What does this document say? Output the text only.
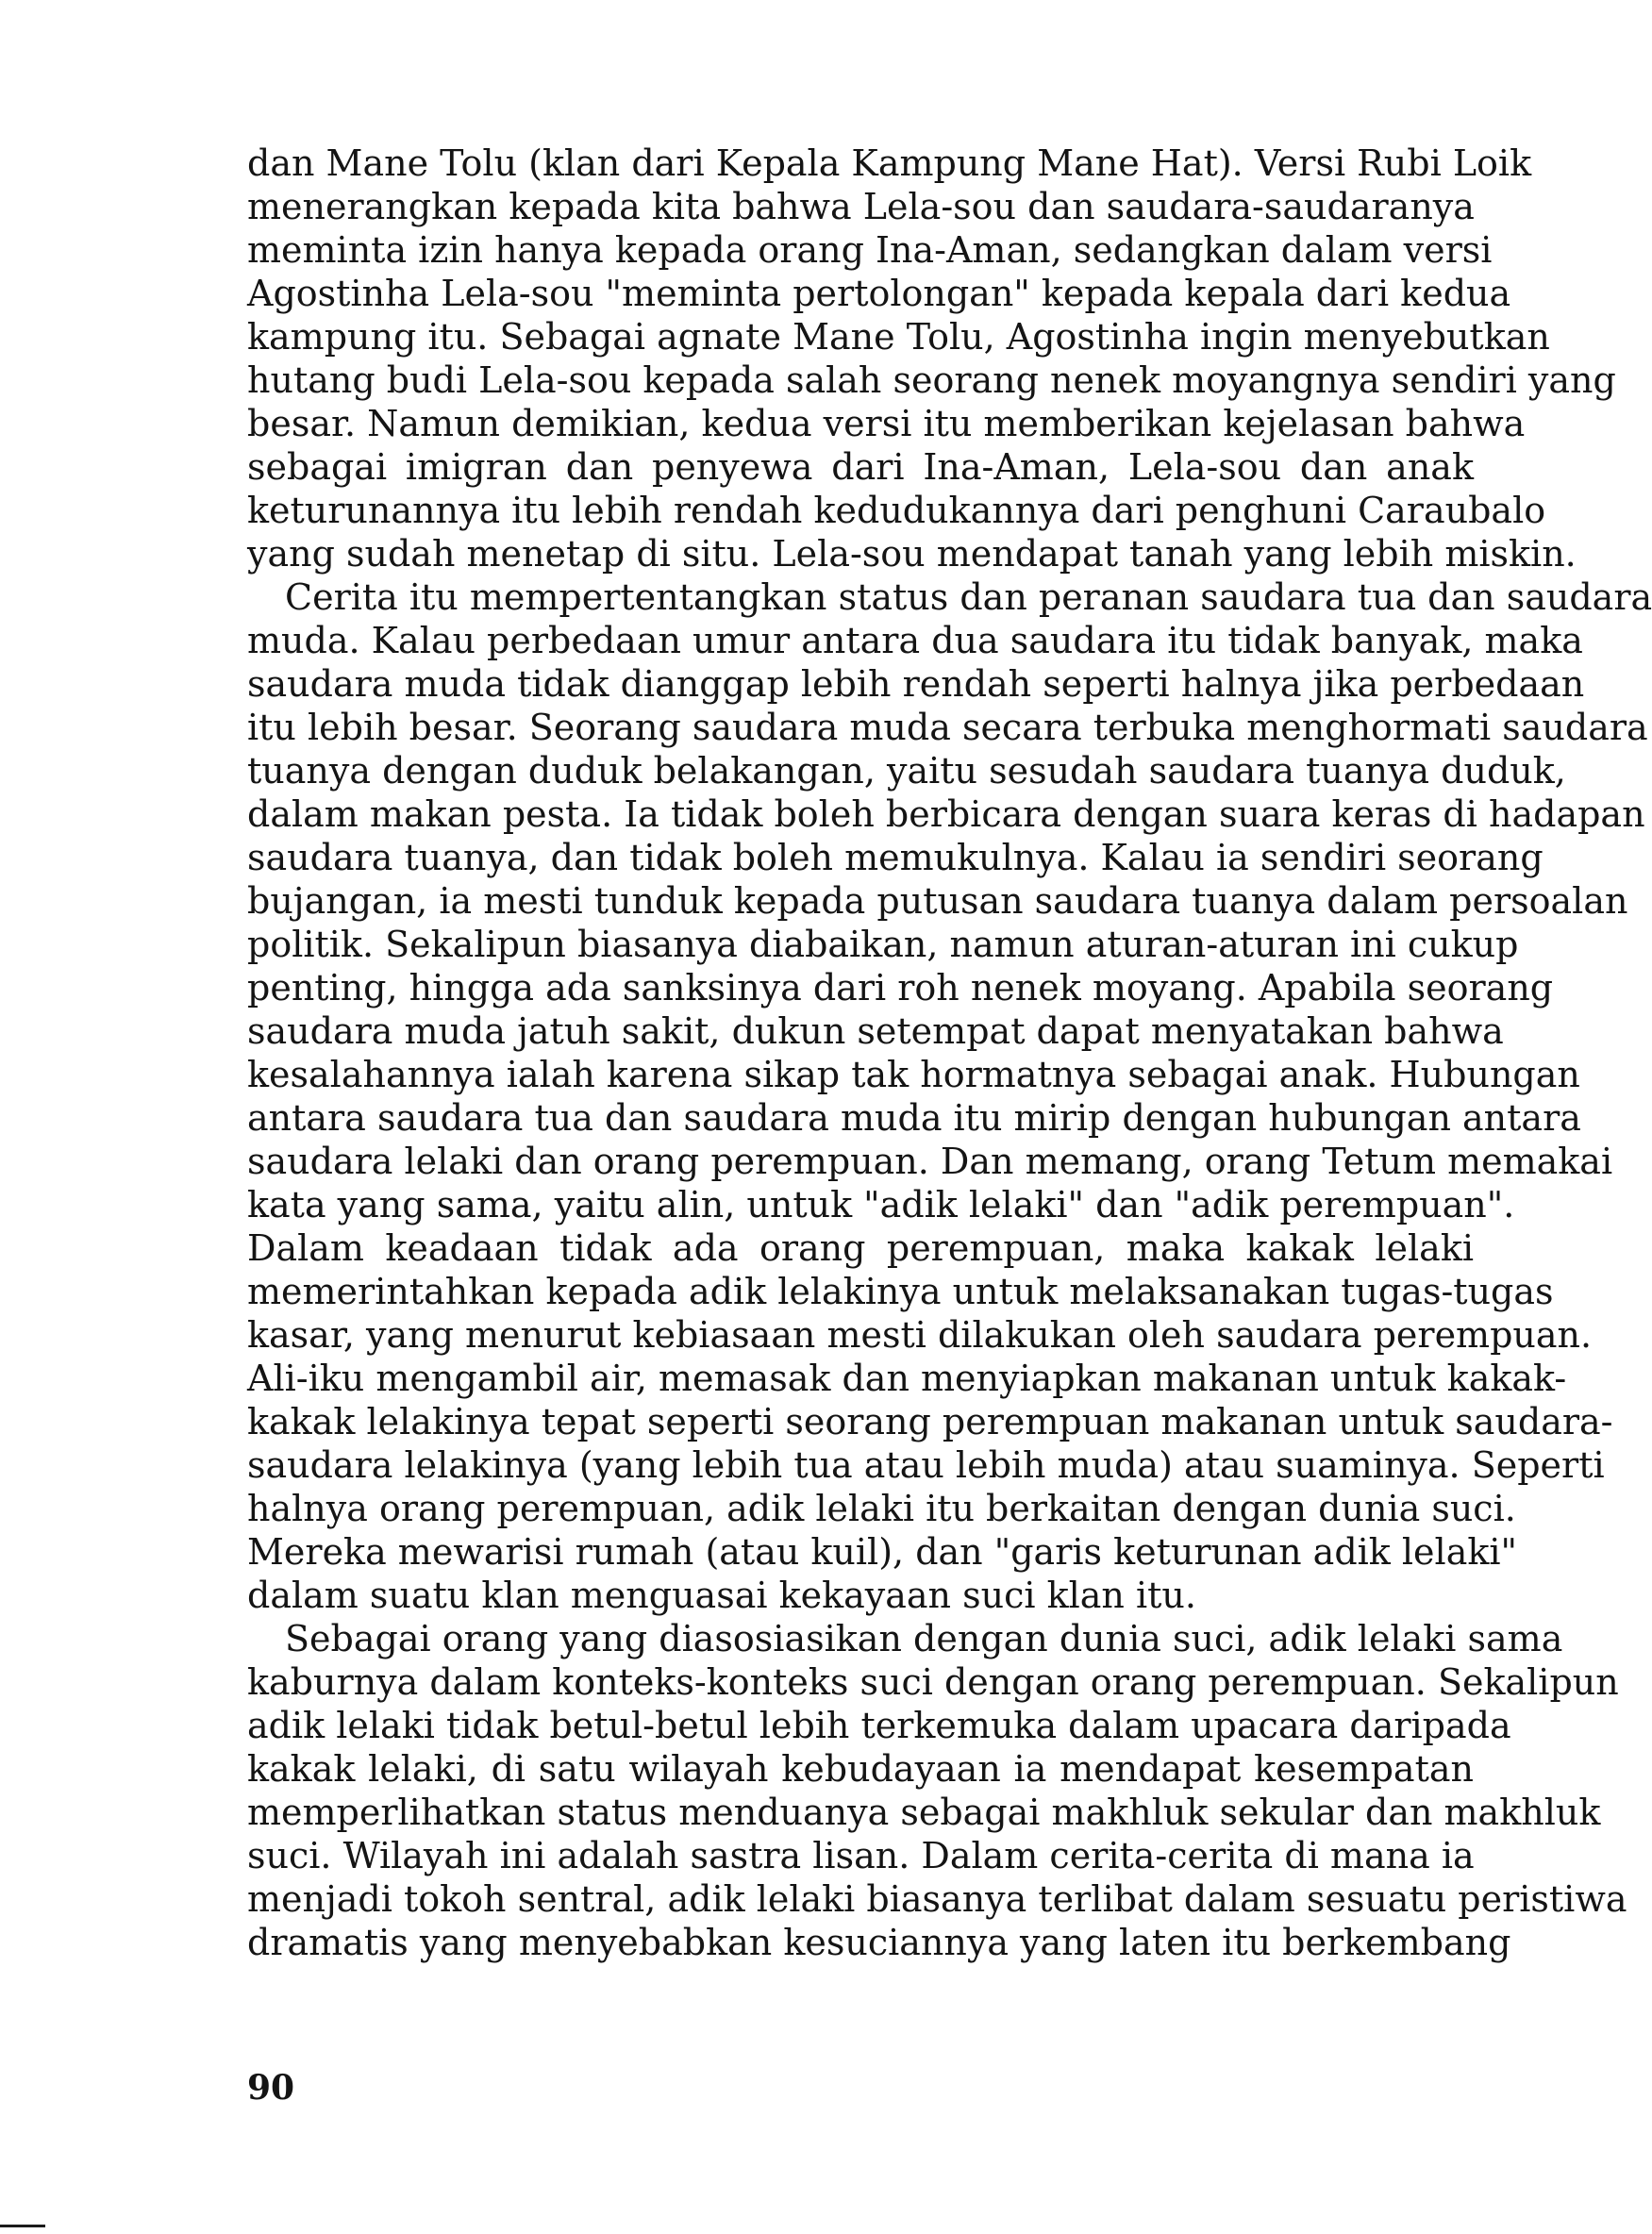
dan Mane Tolu (klan dari Kepala Kampung Mane Hat). Versi Rubi Loik
menerangkan kepada kita bahwa Lela-sou dan saudara-saudaranya
meminta izin hanya kepada orang Ina-Aman, sedangkan dalam versi
Agostinha Lela-sou "meminta pertolongan" kepada kepala dari kedua
kampung itu. Sebagai agnate Mane Tolu, Agostinha ingin menyebutkan
hutang budi Lela-sou kepada salah seorang nenek moyangnya sendiri yang
besar. Namun demikian, kedua versi itu memberikan kejelasan bahwa
sebagai imigran dan penyewa dari Ina-Aman, Lela-sou dan anak
keturunannya itu lebih rendah kedudukannya dari penghuni Caraubalo
yang sudah menetap di situ. Lela-sou mendapat tanah yang lebih miskin.
Cerita itu mempertentangkan status dan peranan saudara tua dan saudara
muda. Kalau perbedaan umur antara dua saudara itu tidak banyak, maka
saudara muda tidak dianggap lebih rendah seperti halnya jika perbedaan
itu lebih besar. Seorang saudara muda secara terbuka menghormati saudara
tuanya dengan duduk belakangan, yaitu sesudah saudara tuanya duduk,
dalam makan pesta. Ia tidak boleh berbicara dengan suara keras di hadapan
saudara tuanya, dan tidak boleh memukulnya. Kalau ia sendiri seorang
bujangan, ia mesti tunduk kepada putusan saudara tuanya dalam persoalan
politik. Sekalipun biasanya diabaikan, namun aturan-aturan ini cukup
penting, hingga ada sanksinya dari roh nenek moyang. Apabila seorang
saudara muda jatuh sakit, dukun setempat dapat menyatakan bahwa
kesalahannya ialah karena sikap tak hormatnya sebagai anak. Hubungan
antara saudara tua dan saudara muda itu mirip dengan hubungan antara
saudara lelaki dan orang perempuan. Dan memang, orang Tetum memakai
kata yang sama, yaitu alin, untuk "adik lelaki" dan "adik perempuan".
Dalam keadaan tidak ada orang perempuan, maka kakak lelaki
memerintahkan kepada adik lelakinya untuk melaksanakan tugas-tugas
kasar, yang menurut kebiasaan mesti dilakukan oleh saudara perempuan.
Ali-iku mengambil air, memasak dan menyiapkan makanan untuk kakak-
kakak lelakinya tepat seperti seorang perempuan makanan untuk saudara-
saudara lelakinya (yang lebih tua atau lebih muda) atau suaminya. Seperti
halnya orang perempuan, adik lelaki itu berkaitan dengan dunia suci.
Mereka mewarisi rumah (atau kuil), dan "garis keturunan adik lelaki"
dalam suatu klan menguasai kekayaan suci klan itu.
Sebagai orang yang diasosiasikan dengan dunia suci, adik lelaki sama
kaburnya dalam konteks-konteks suci dengan orang perempuan. Sekalipun
adik lelaki tidak betul-betul lebih terkemuka dalam upacara daripada
kakak lelaki, di satu wilayah kebudayaan ia mendapat kesempatan
memperlihatkan status menduanya sebagai makhluk sekular dan makhluk
suci. Wilayah ini adalah sastra lisan. Dalam cerita-cerita di mana ia
menjadi tokoh sentral, adik lelaki biasanya terlibat dalam sesuatu peristiwa
dramatis yang menyebabkan kesuciannya yang laten itu berkembang
90
